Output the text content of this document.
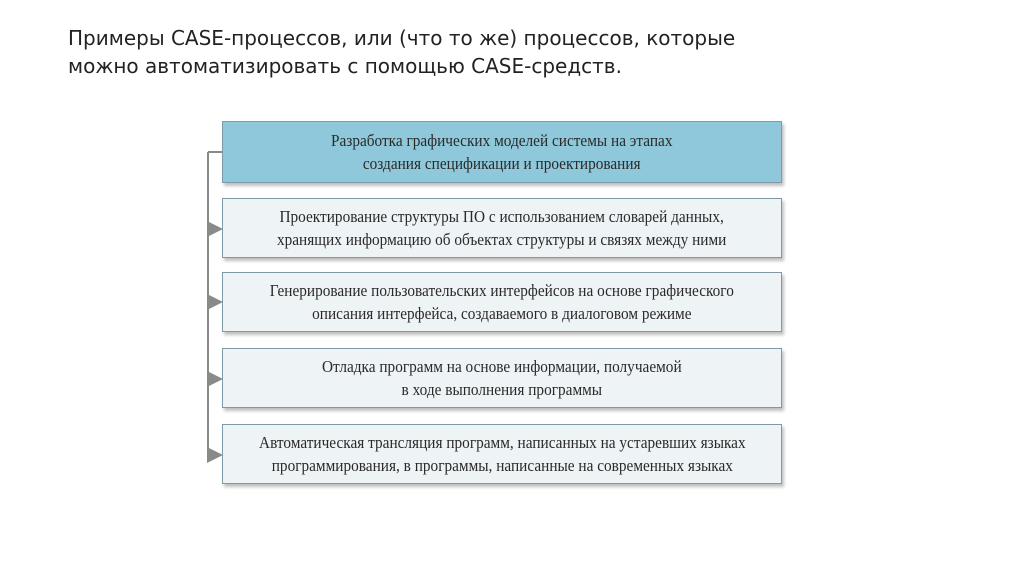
Примеры CASE-процессов, или (что то же) процессов, которые
можно автоматизировать с помощью CASE-средств.
Разработка графических моделей системы на этапах
создания спецификации и проектирования
Проектирование структуры ПО с использованием словарей данных,
хранящих информацию об объектах структуры и связях между ними
Генерирование пользовательских интерфейсов на основе графического
описания интерфейса, создаваемого в диалоговом режиме
Отладка программ на основе информации, получаемой
в ходе выполнения программы
Автоматическая трансляция программ, написанных на устаревших языках
программирования, в программы, написанные на современных языках
